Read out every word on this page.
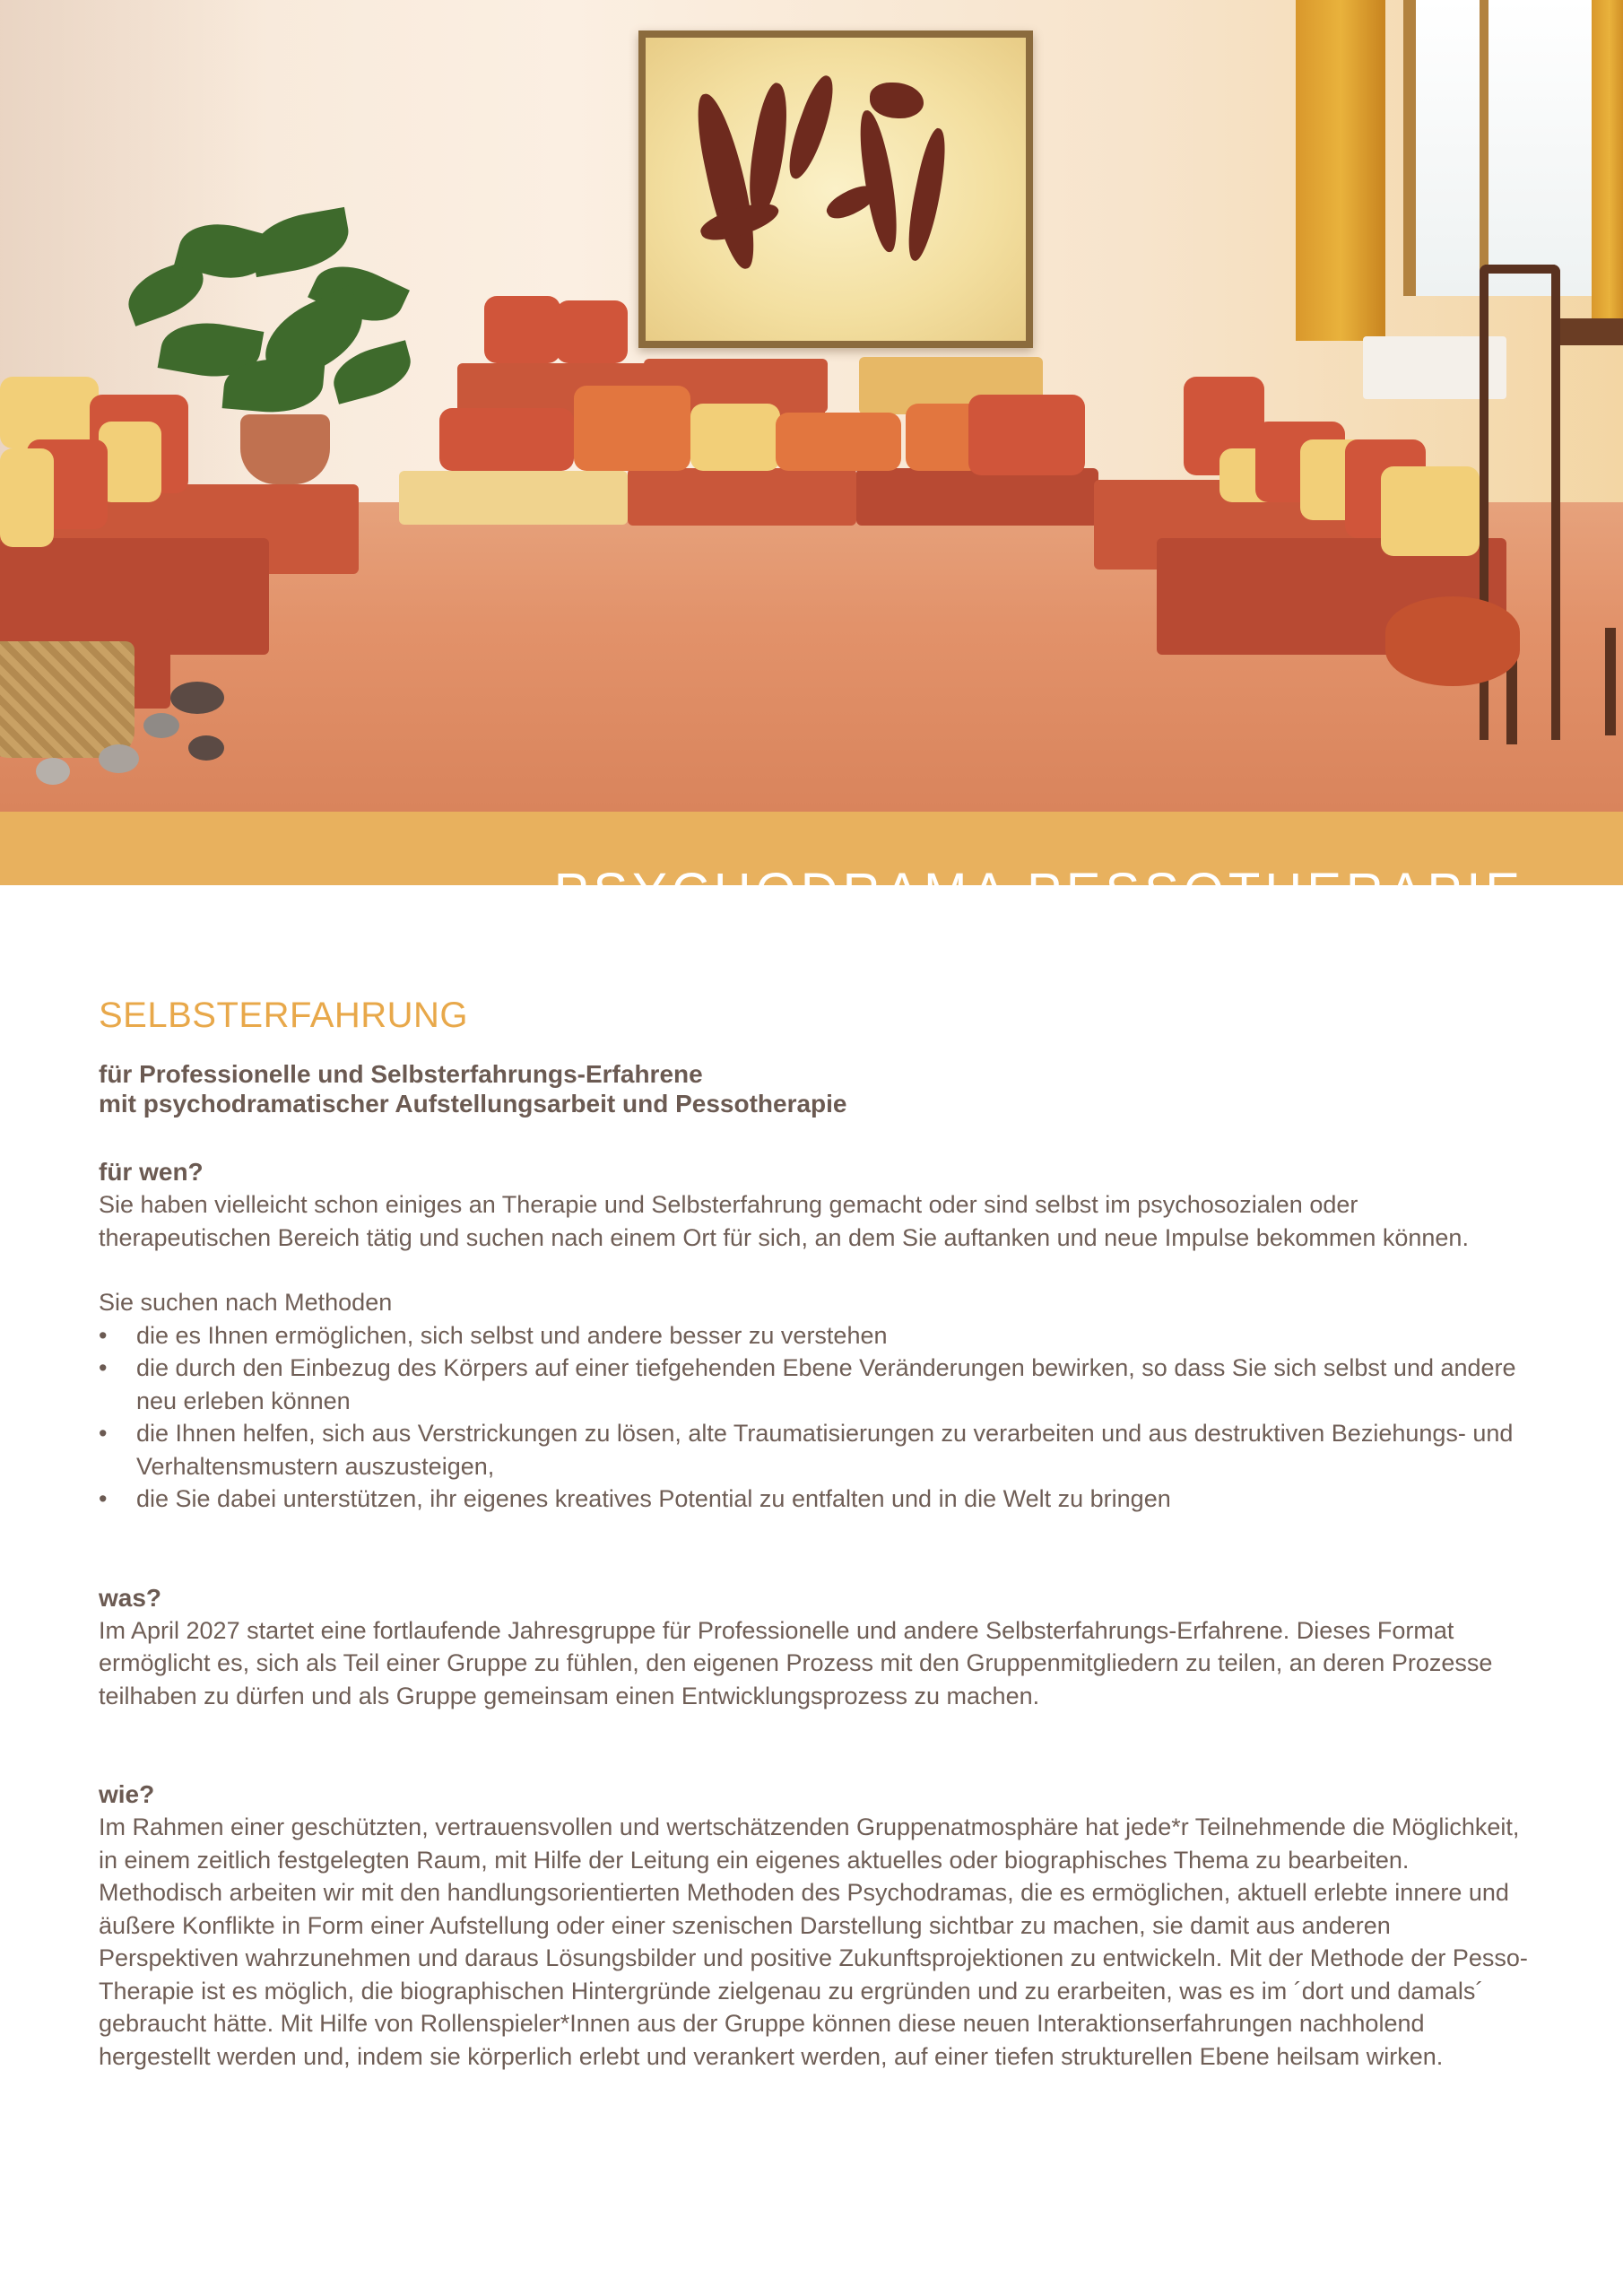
PSYCHODRAMA PESSOTHERAPIE
SELBSTERFAHRUNG

für Professionelle und Selbsterfahrungs-Erfahrene

mit psychodramatischer Aufstellungsarbeit und Pessotherapie

für wen?

Sie haben vielleicht schon einiges an Therapie und Selbsterfahrung gemacht oder sind selbst im psychosozialen oder therapeutischen Bereich tätig und suchen nach einem Ort für sich, an dem Sie auftanken und neue Impulse bekommen können.

Sie suchen nach Methoden

• die es Ihnen ermöglichen, sich selbst und andere besser zu verstehen
• die durch den Einbezug des Körpers auf einer tiefgehenden Ebene Veränderungen bewirken, so dass Sie sich selbst und andere neu erleben können
• die Ihnen helfen, sich aus Verstrickungen zu lösen, alte Traumatisierungen zu verarbeiten und aus destruktiven Beziehungs- und Verhaltensmustern auszusteigen,
• die Sie dabei unterstützen, ihr eigenes kreatives Potential zu entfalten und in die Welt zu bringen
was?

Im April 2027 startet eine fortlaufende Jahresgruppe für Professionelle und andere Selbsterfahrungs-Erfahrene. Dieses Format ermöglicht es, sich als Teil einer Gruppe zu fühlen, den eigenen Prozess mit den Gruppenmitgliedern zu teilen, an deren Prozesse teilhaben zu dürfen und als Gruppe gemeinsam einen Entwicklungsprozess zu machen.

wie?

Im Rahmen einer geschützten, vertrauensvollen und wertschätzenden Gruppenatmosphäre hat jede*r Teilnehmende die Möglichkeit, in einem zeitlich festgelegten Raum, mit Hilfe der Leitung ein eigenes aktuelles oder biographisches Thema zu bearbeiten.

Methodisch arbeiten wir mit den handlungsorientierten Methoden des Psychodramas, die es ermöglichen, aktuell erlebte innere und äußere Konflikte in Form einer Aufstellung oder einer szenischen Darstellung sichtbar zu machen, sie damit aus anderen Perspektiven wahrzunehmen und daraus Lösungsbilder und positive Zukunftsprojektionen zu entwickeln. Mit der Methode der Pesso-Therapie ist es möglich, die biographischen Hintergründe zielgenau zu ergründen und zu erarbeiten, was es im ´dort und damals´ gebraucht hätte. Mit Hilfe von Rollenspieler*Innen aus der Gruppe können diese neuen Interaktionserfahrungen nachholend hergestellt werden und, indem sie körperlich erlebt und verankert werden, auf einer tiefen strukturellen Ebene heilsam wirken.
